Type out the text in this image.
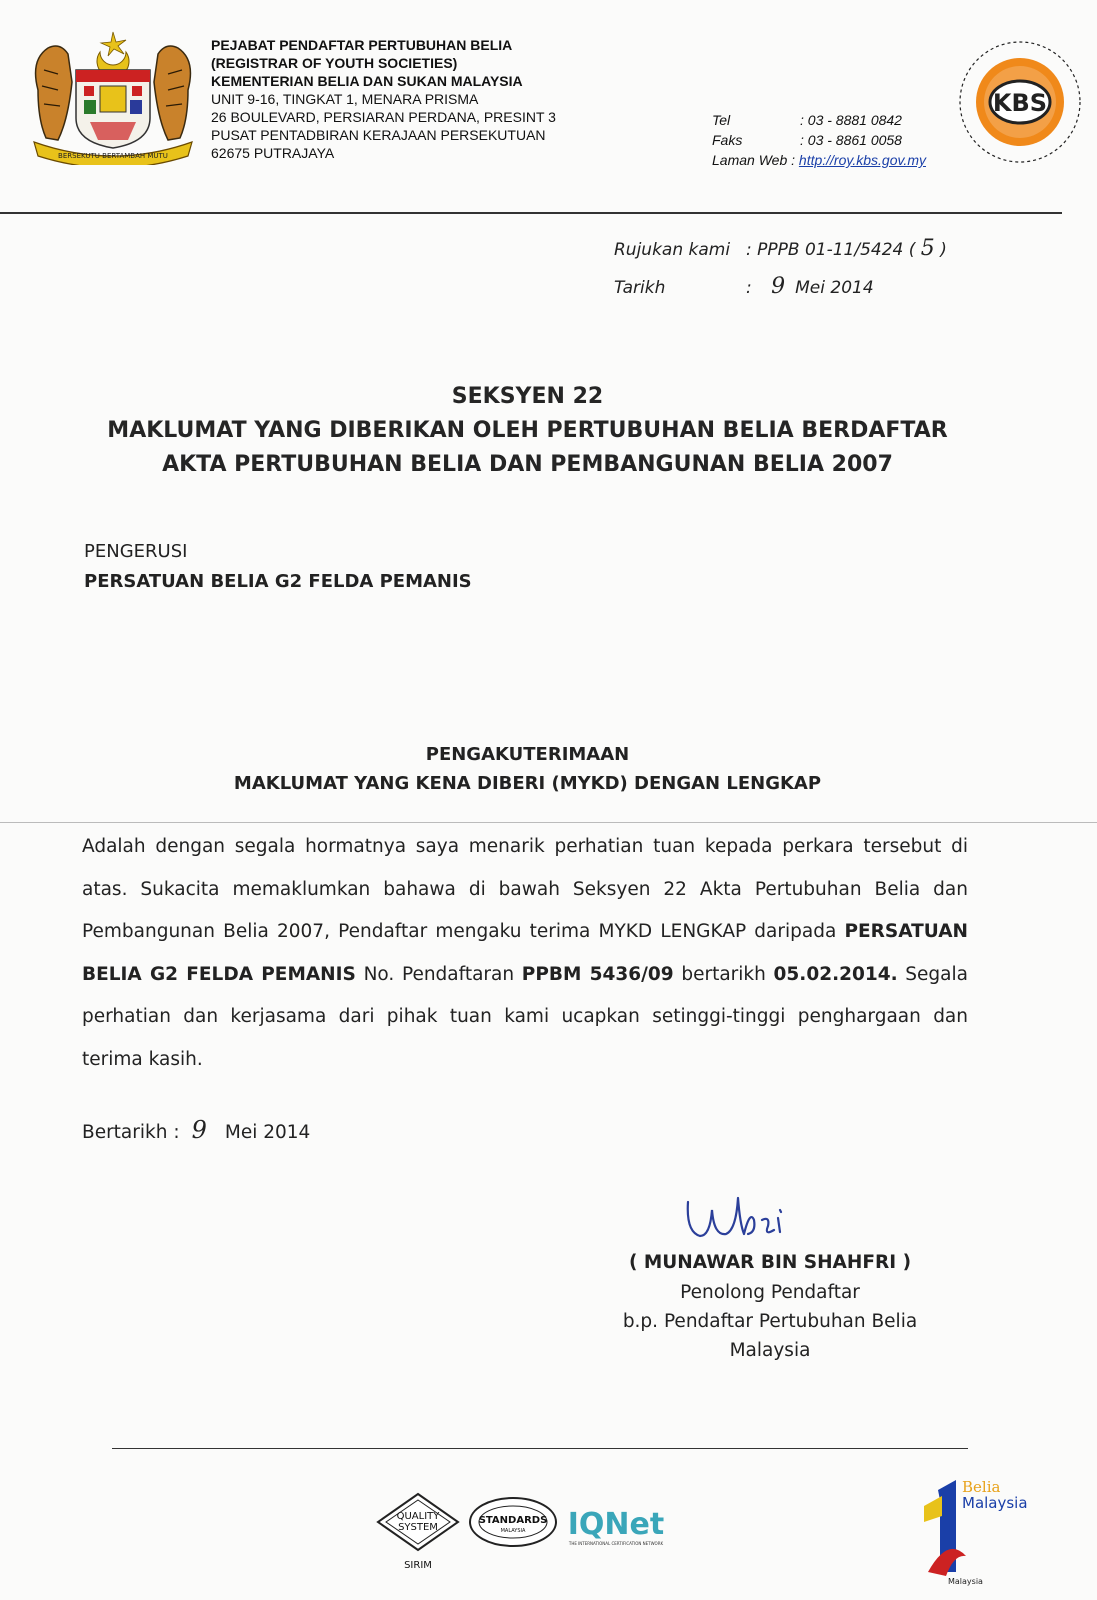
BERSEKUTU BERTAMBAH MUTU
PEJABAT PENDAFTAR PERTUBUHAN BELIA
(REGISTRAR OF YOUTH SOCIETIES)
KEMENTERIAN BELIA DAN SUKAN MALAYSIA
UNIT 9-16, TINGKAT 1, MENARA PRISMA
26 BOULEVARD, PERSIARAN PERDANA, PRESINT 3
PUSAT PENTADBIRAN KERAJAAN PERSEKUTUAN
62675 PUTRAJAYA
Tel	: 03 - 8881 0842
Faks	: 03 - 8861 0058
Laman Web : http://roy.kbs.gov.my
KBS
Rujukan kami : PPPB 01-11/5424 ( 5 )
Tarikh	: 9 Mei 2014
SEKSYEN 22
MAKLUMAT YANG DIBERIKAN OLEH PERTUBUHAN BELIA BERDAFTAR
AKTA PERTUBUHAN BELIA DAN PEMBANGUNAN BELIA 2007
PENGERUSI
PERSATUAN BELIA G2 FELDA PEMANIS
PENGAKUTERIMAAN
MAKLUMAT YANG KENA DIBERI (MYKD) DENGAN LENGKAP
Adalah dengan segala hormatnya saya menarik perhatian tuan kepada perkara tersebut di atas. Sukacita memaklumkan bahawa di bawah Seksyen 22 Akta Pertubuhan Belia dan Pembangunan Belia 2007, Pendaftar mengaku terima MYKD LENGKAP daripada PERSATUAN BELIA G2 FELDA PEMANIS No. Pendaftaran PPBM 5436/09 bertarikh 05.02.2014. Segala perhatian dan kerjasama dari pihak tuan kami ucapkan setinggi-tinggi penghargaan dan terima kasih.
Bertarikh : 9 Mei 2014
( MUNAWAR BIN SHAHFRI )
Penolong Pendaftar
b.p. Pendaftar Pertubuhan Belia
Malaysia
QUALITY
SYSTEM
SIRIM
STANDARDS
MALAYSIA IQNet
THE INTERNATIONAL CERTIFICATION NETWORK
Belia
Malaysia
Malaysia
